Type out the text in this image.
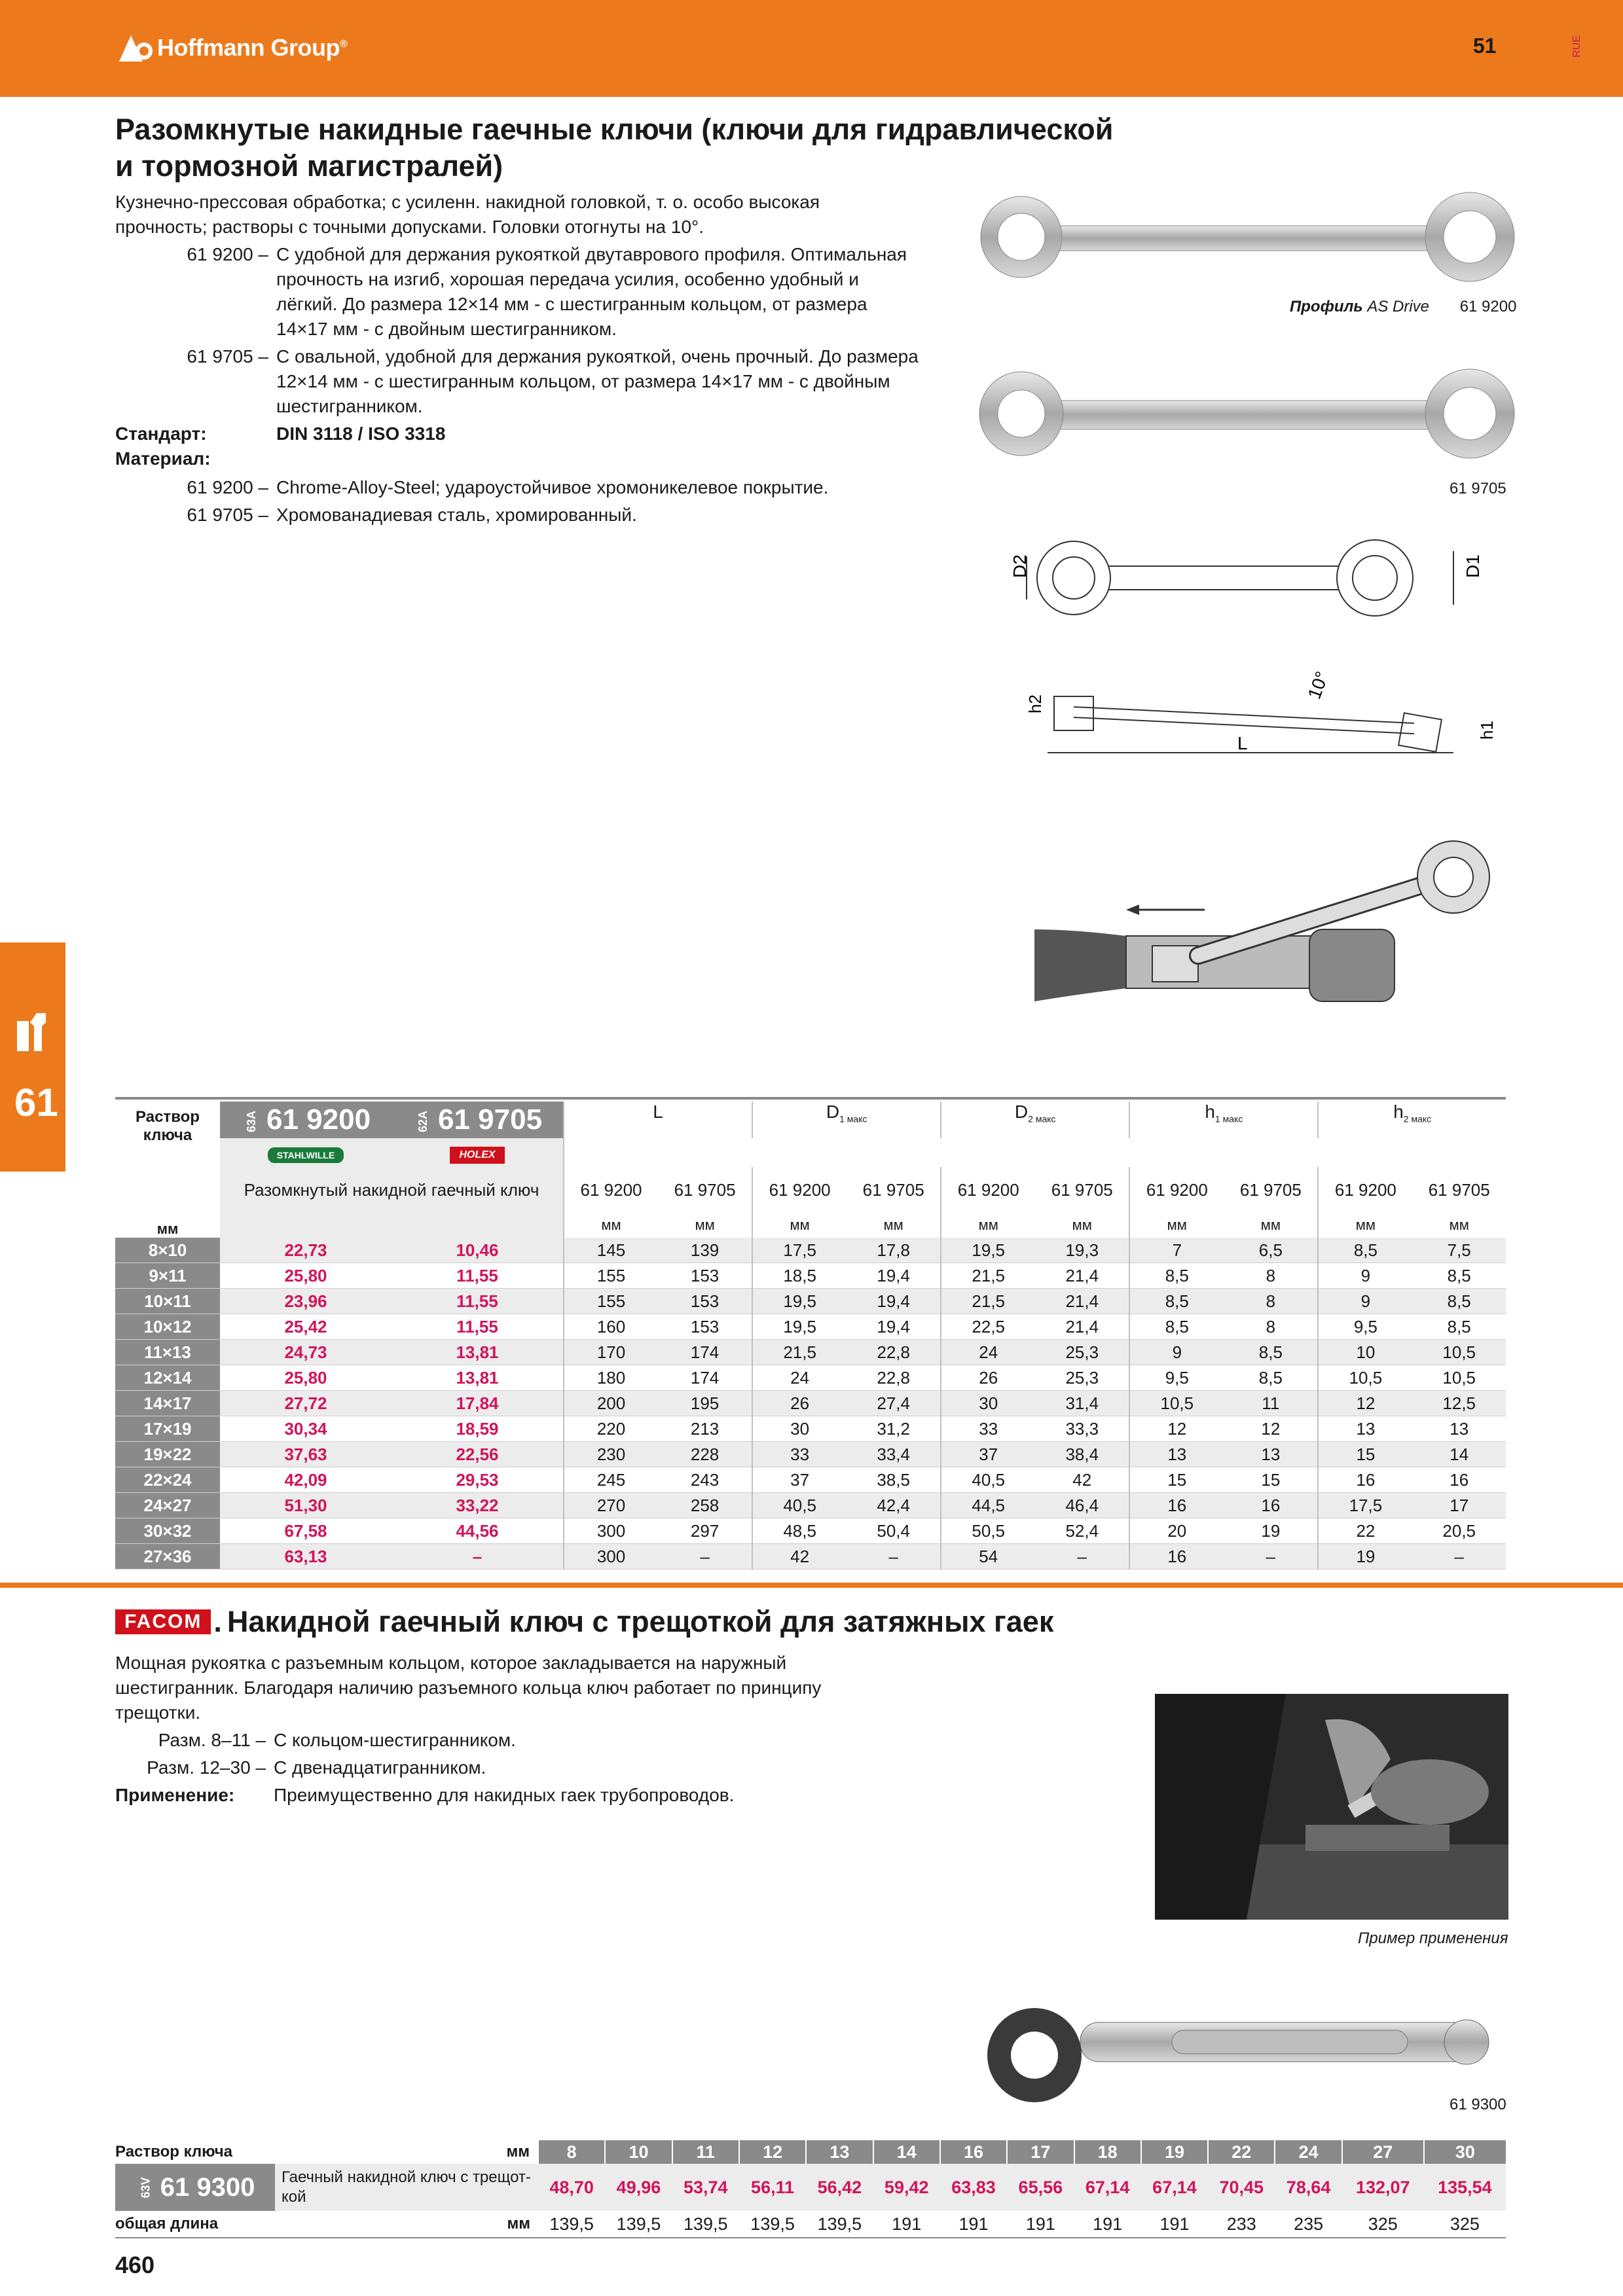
Hoffmann Group®	51	RUE
61
Разомкнутые накидные гаечные ключи (ключи для гидравлической
и тормозной магистралей)
Кузнечно-прессовая обработка; с усиленн. накидной головкой, т. о. особо высокая
прочность; растворы с точными допусками. Головки отогнуты на 10°.
61 9200 – С удобной для держания рукояткой двутаврового профиля. Оптимальная
прочность на изгиб, хорошая передача усилия, особенно удобный и
лёгкий. До размера 12×14 мм - с шестигранным кольцом, от размера
14×17 мм - с двойным шестигранником.
61 9705 – С овальной, удобной для держания рукояткой, очень прочный. До размера
12×14 мм - с шестигранным кольцом, от размера 14×17 мм - с двойным
шестигранником.
Стандарт:	DIN 3118 / ISO 3318
Материал:
61 9200 – Chrome-Alloy-Steel; удароустойчивое хромоникелевое покрытие.
61 9705 – Хромованадиевая сталь, хромированный.
Профиль AS Drive 61 9200
61 9705
D2	D1
L
10°
h2
h1
Раствор
ключа	63A 61 9200	62A 61 9705	L		$D_{1 макс}$		$D_{2 макс}$		$h_{1 макс}$		$h_{2 макс}$
	STAHLWILLE	HOLEX										
мм	Разомкнутый накидной гаечный ключ		61 9200	61 9705	61 9200	61 9705	61 9200	61 9705	61 9200	61 9705	61 9200	61 9705
			мм	мм	мм	мм	мм	мм	мм	мм	мм	мм
8×10	22,73	10,46	145	139	17,5	17,8	19,5	19,3	7	6,5	8,5	7,5
9×11	25,80	11,55	155	153	18,5	19,4	21,5	21,4	8,5	8	9	8,5
10×11	23,96	11,55	155	153	19,5	19,4	21,5	21,4	8,5	8	9	8,5
10×12	25,42	11,55	160	153	19,5	19,4	22,5	21,4	8,5	8	9,5	8,5
11×13	24,73	13,81	170	174	21,5	22,8	24	25,3	9	8,5	10	10,5
12×14	25,80	13,81	180	174	24	22,8	26	25,3	9,5	8,5	10,5	10,5
14×17	27,72	17,84	200	195	26	27,4	30	31,4	10,5	11	12	12,5
17×19	30,34	18,59	220	213	30	31,2	33	33,3	12	12	13	13
19×22	37,63	22,56	230	228	33	33,4	37	38,4	13	13	15	14
22×24	42,09	29,53	245	243	37	38,5	40,5	42	15	15	16	16
24×27	51,30	33,22	270	258	40,5	42,4	44,5	46,4	16	16	17,5	17
30×32	67,58	44,56	300	297	48,5	50,4	50,5	52,4	20	19	22	20,5
27×36	63,13	–	300	–	42	–	54	–	16	–	19	–
FACOM . Накидной гаечный ключ с трещоткой для затяжных гаек
Мощная рукоятка с разъемным кольцом, которое закладывается на наружный
шестигранник. Благодаря наличию разъемного кольца ключ работает по принципу
трещотки.
Разм. 8–11 – С кольцом-шестигранником.
Разм. 12–30 – С двенадцатигранником.
Применение:	Преимущественно для накидных гаек трубопроводов.
Пример применения
61 9300
Раствор ключа мм	8	10	11	12	13	14	16	17	18	19	22	24	27	30

63V 61 9300 Гаечный накидной ключ с трещот-
кой	48,70	49,96	53,74	56,11	56,42	59,42	63,83	65,56	67,14	67,14	70,45	78,64	132,07	135,54

общая длина мм	139,5	139,5	139,5	139,5	139,5	191	191	191	191	191	233	235	325	325
460
